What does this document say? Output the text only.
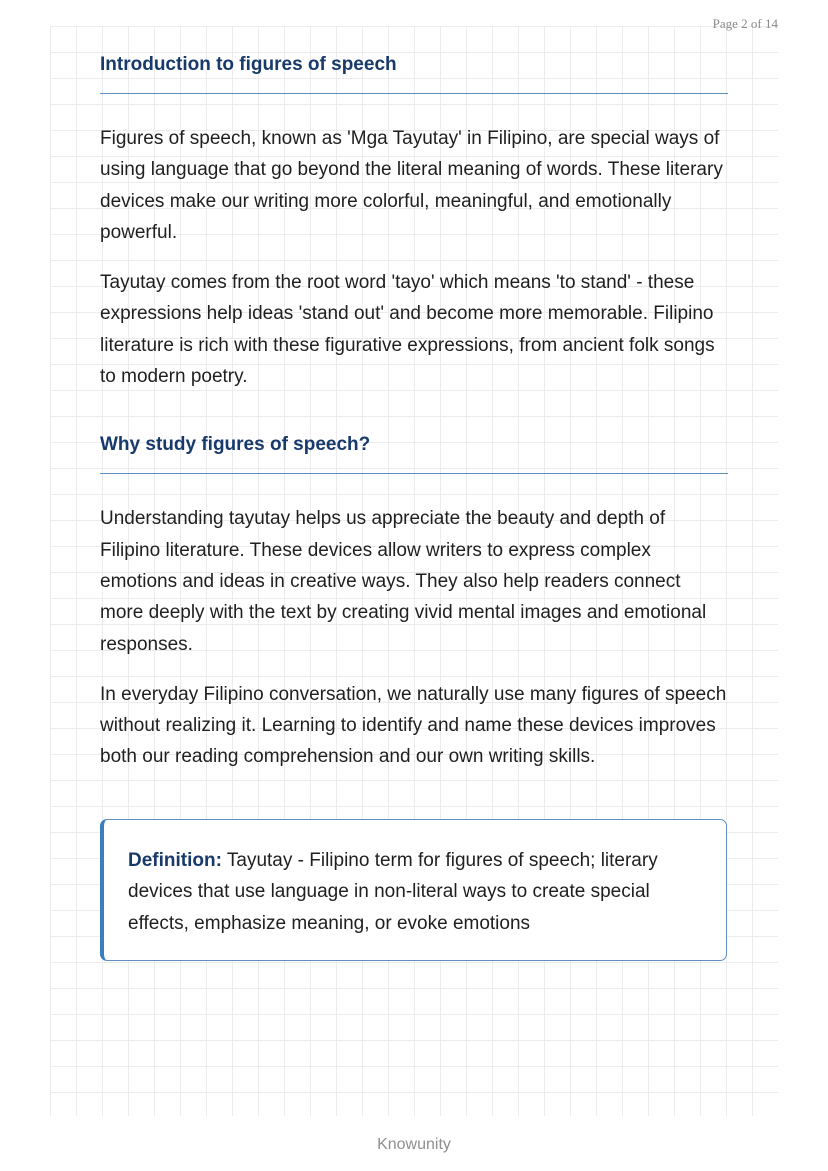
Page 2 of 14
Introduction to figures of speech

Figures of speech, known as 'Mga Tayutay' in Filipino, are special ways of using language that go beyond the literal meaning of words. These literary devices make our writing more colorful, meaningful, and emotionally powerful.

Tayutay comes from the root word 'tayo' which means 'to stand' - these expressions help ideas 'stand out' and become more memorable. Filipino literature is rich with these figurative expressions, from ancient folk songs to modern poetry.

Why study figures of speech?

Understanding tayutay helps us appreciate the beauty and depth of Filipino literature. These devices allow writers to express complex emotions and ideas in creative ways. They also help readers connect more deeply with the text by creating vivid mental images and emotional responses.

In everyday Filipino conversation, we naturally use many figures of speech without realizing it. Learning to identify and name these devices improves both our reading comprehension and our own writing skills.

Definition: Tayutay - Filipino term for figures of speech; literary devices that use language in non-literal ways to create special effects, emphasize meaning, or evoke emotions

Knowunity
